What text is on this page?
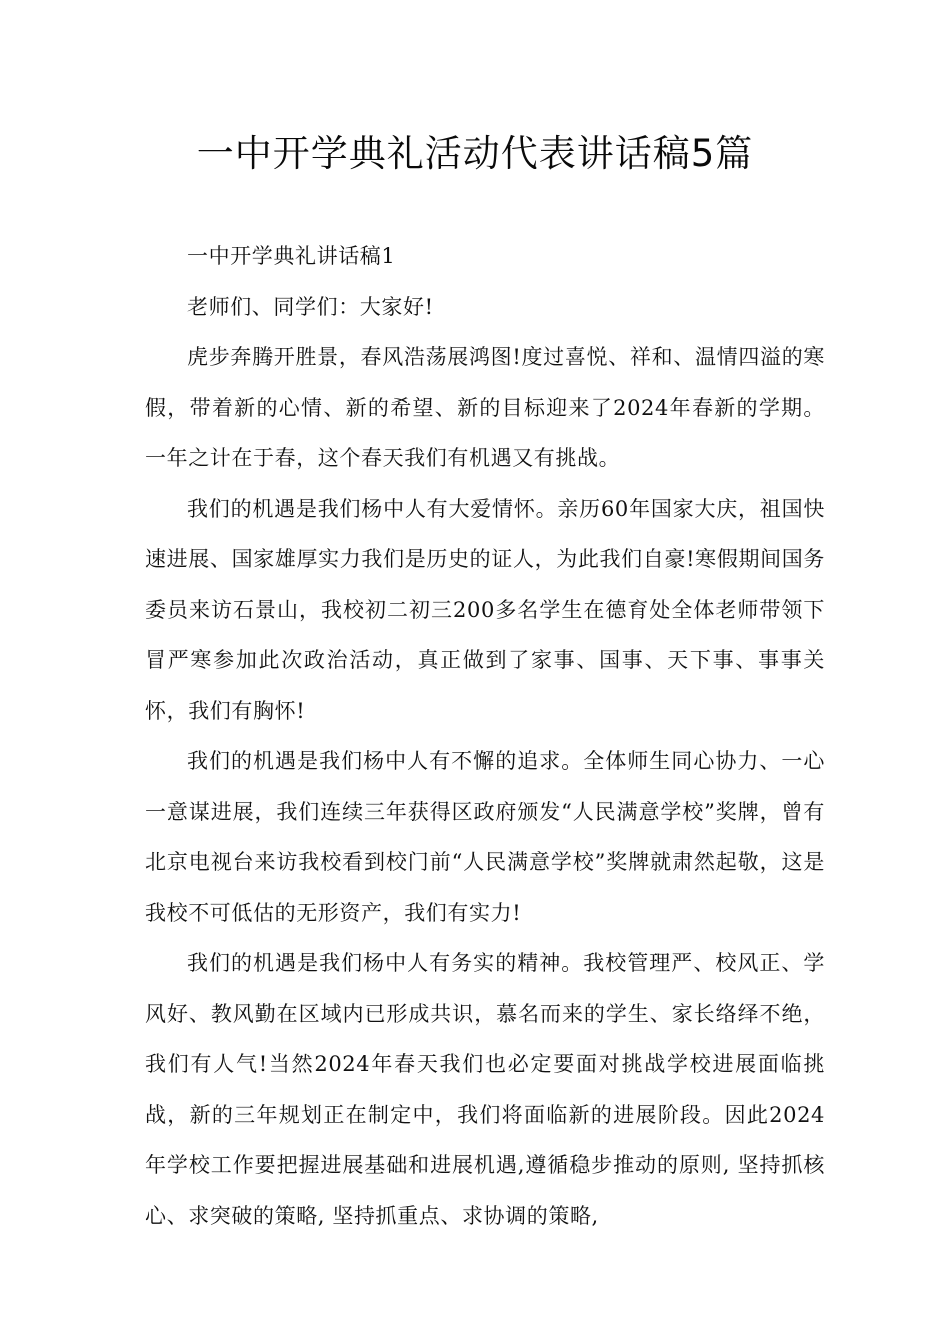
一中开学典礼活动代表讲话稿5篇

一中开学典礼讲话稿1

老师们、同学们：大家好!

虎步奔腾开胜景，春风浩荡展鸿图!度过喜悦、祥和、温情四溢的寒假，带着新的心情、新的希望、新的目标迎来了2024年春新的学期。一年之计在于春，这个春天我们有机遇又有挑战。

我们的机遇是我们杨中人有大爱情怀。亲历60年国家大庆，祖国快速进展、国家雄厚实力我们是历史的证人，为此我们自豪!寒假期间国务委员来访石景山，我校初二初三200多名学生在德育处全体老师带领下冒严寒参加此次政治活动，真正做到了家事、国事、天下事、事事关怀，我们有胸怀!

我们的机遇是我们杨中人有不懈的追求。全体师生同心协力、一心一意谋进展，我们连续三年获得区政府颁发“人民满意学校”奖牌，曾有北京电视台来访我校看到校门前“人民满意学校”奖牌就肃然起敬，这是我校不可低估的无形资产，我们有实力!

我们的机遇是我们杨中人有务实的精神。我校管理严、校风正、学风好、教风勤在区域内已形成共识，慕名而来的学生、家长络绎不绝，我们有人气!当然2024年春天我们也必定要面对挑战学校进展面临挑战，新的三年规划正在制定中，我们将面临新的进展阶段。因此2024年学校工作要把握进展基础和进展机遇,遵循稳步推动的原则, 坚持抓核心、求突破的策略, 坚持抓重点、求协调的策略,
